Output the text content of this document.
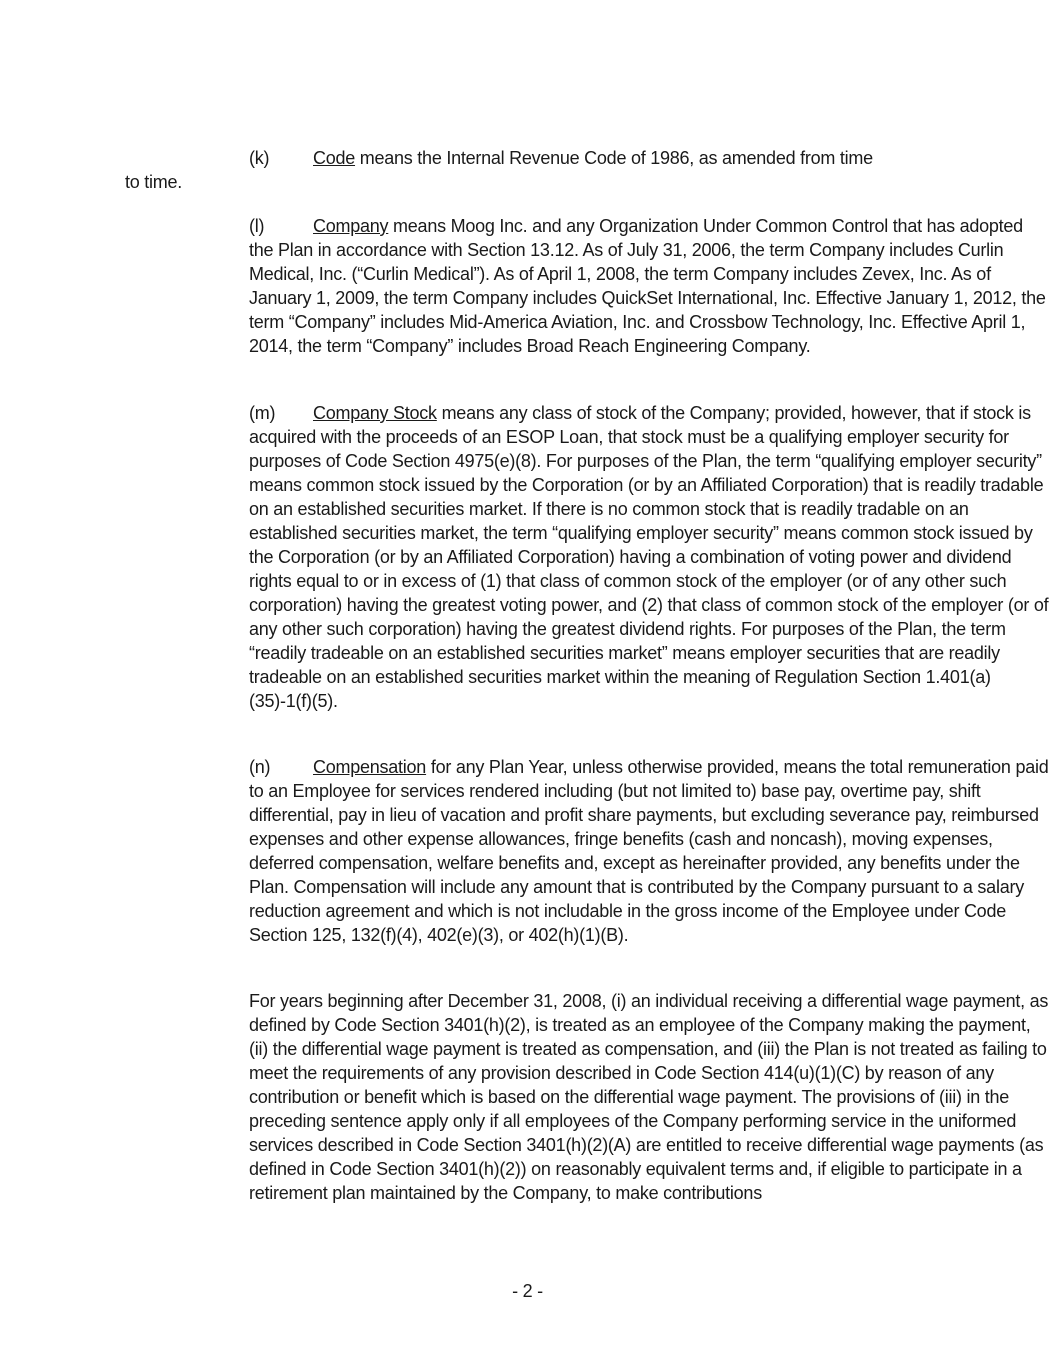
(k) Code means the Internal Revenue Code of 1986, as amended from time
to time.
(l)	Company means Moog Inc. and any Organization Under Common Control that has adopted the Plan in accordance with Section 13.12. As of July 31, 2006, the term Company includes Curlin Medical, Inc. (“Curlin Medical”). As of April 1, 2008, the term Company includes Zevex, Inc. As of January 1, 2009, the term Company includes QuickSet International, Inc. Effective January 1, 2012, the term “Company” includes Mid-America Aviation, Inc. and Crossbow Technology, Inc. Effective April 1, 2014, the term “Company” includes Broad Reach Engineering Company.
(m) Company Stock means any class of stock of the Company; provided, however, that if stock is acquired with the proceeds of an ESOP Loan, that stock must be a qualifying employer security for purposes of Code Section 4975(e)(8). For purposes of the Plan, the term “qualifying employer security” means common stock issued by the Corporation (or by an Affiliated Corporation) that is readily tradable on an established securities market. If there is no common stock that is readily tradable on an established securities market, the term “qualifying employer security” means common stock issued by the Corporation (or by an Affiliated Corporation) having a combination of voting power and dividend rights equal to or in excess of (1) that class of common stock of the employer (or of any other such corporation) having the greatest voting power, and (2) that class of common stock of the employer (or of any other such corporation) having the greatest dividend rights. For purposes of the Plan, the term “readily tradeable on an established securities market” means employer securities that are readily tradeable on an established securities market within the meaning of Regulation Section 1.401(a)(35)-1(f)(5).
(n) Compensation for any Plan Year, unless otherwise provided, means the total remuneration paid to an Employee for services rendered including (but not limited to) base pay, overtime pay, shift differential, pay in lieu of vacation and profit share payments, but excluding severance pay, reimbursed expenses and other expense allowances, fringe benefits (cash and noncash), moving expenses, deferred compensation, welfare benefits and, except as hereinafter provided, any benefits under the Plan. Compensation will include any amount that is contributed by the Company pursuant to a salary reduction agreement and which is not includable in the gross income of the Employee under Code Section 125, 132(f)(4), 402(e)(3), or 402(h)(1)(B).
For years beginning after December 31, 2008, (i) an individual receiving a differential wage payment, as defined by Code Section 3401(h)(2), is treated as an employee of the Company making the payment, (ii) the differential wage payment is treated as compensation, and (iii) the Plan is not treated as failing to meet the requirements of any provision described in Code Section 414(u)(1)(C) by reason of any contribution or benefit which is based on the differential wage payment. The provisions of (iii) in the preceding sentence apply only if all employees of the Company performing service in the uniformed services described in Code Section 3401(h)(2)(A) are entitled to receive differential wage payments (as defined in Code Section 3401(h)(2)) on reasonably equivalent terms and, if eligible to participate in a retirement plan maintained by the Company, to make contributions
- 2 -
